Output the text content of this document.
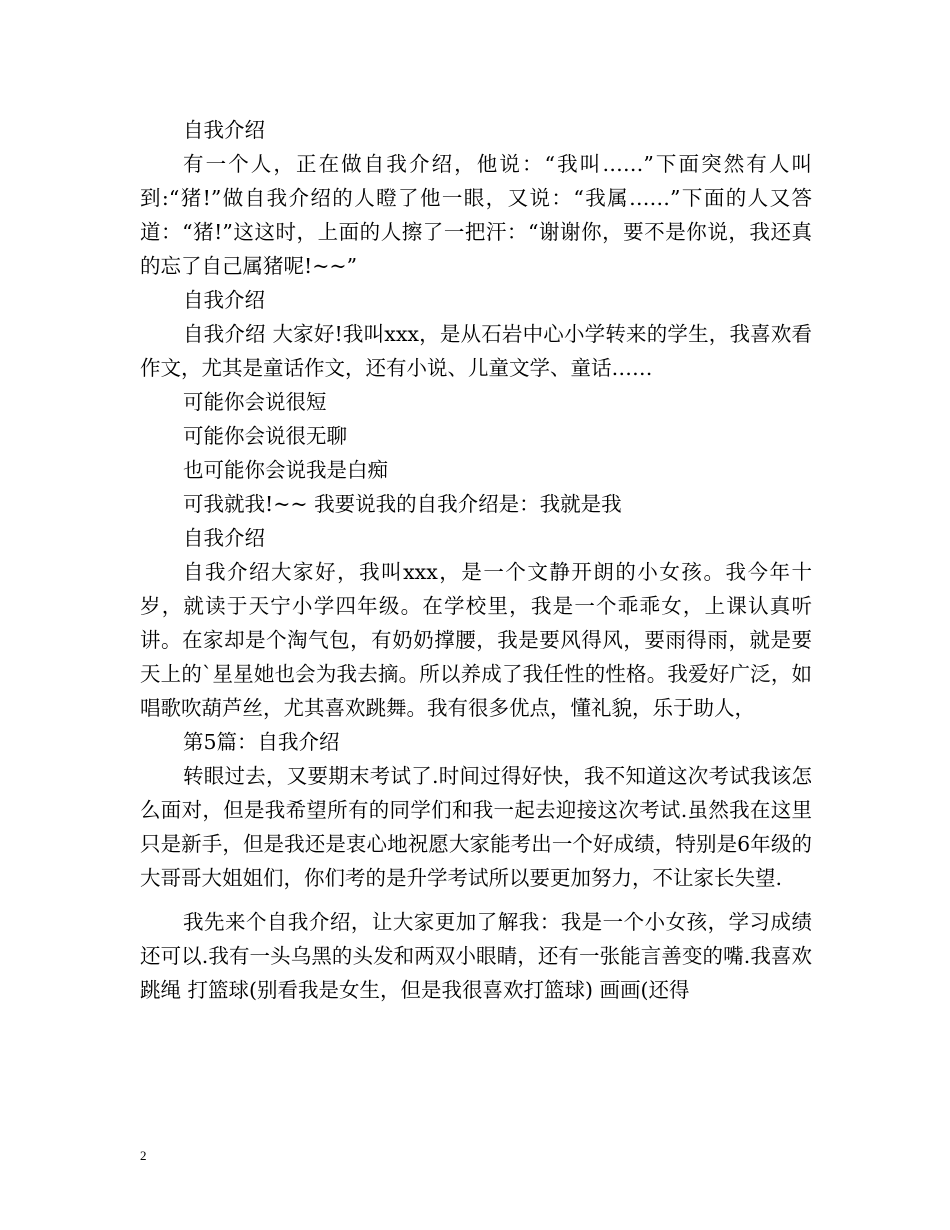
自我介绍

有一个人，正在做自我介绍，他说：“我叫……”下面突然有人叫到:“猪!”做自我介绍的人瞪了他一眼，又说：“我属……”下面的人又答道：“猪!”这这时，上面的人擦了一把汗：“谢谢你，要不是你说，我还真的忘了自己属猪呢!~~”

自我介绍

自我介绍 大家好!我叫xxx，是从石岩中心小学转来的学生，我喜欢看作文，尤其是童话作文，还有小说、儿童文学、童话……

可能你会说很短

可能你会说很无聊

也可能你会说我是白痴

可我就我!~~ 我要说我的自我介绍是：我就是我

自我介绍

自我介绍大家好，我叫xxx，是一个文静开朗的小女孩。我今年十岁，就读于天宁小学四年级。在学校里，我是一个乖乖女，上课认真听讲。在家却是个淘气包，有奶奶撑腰，我是要风得风，要雨得雨，就是要天上的`星星她也会为我去摘。所以养成了我任性的性格。我爱好广泛，如唱歌吹葫芦丝，尤其喜欢跳舞。我有很多优点，懂礼貌，乐于助人，

第5篇：自我介绍

转眼过去，又要期末考试了.时间过得好快，我不知道这次考试我该怎么面对，但是我希望所有的同学们和我一起去迎接这次考试.虽然我在这里只是新手，但是我还是衷心地祝愿大家能考出一个好成绩，特别是6年级的大哥哥大姐姐们，你们考的是升学考试所以要更加努力，不让家长失望.

我先来个自我介绍，让大家更加了解我：我是一个小女孩，学习成绩还可以.我有一头乌黑的头发和两双小眼睛，还有一张能言善变的嘴.我喜欢跳绳 打篮球(别看我是女生，但是我很喜欢打篮球) 画画(还得

2
